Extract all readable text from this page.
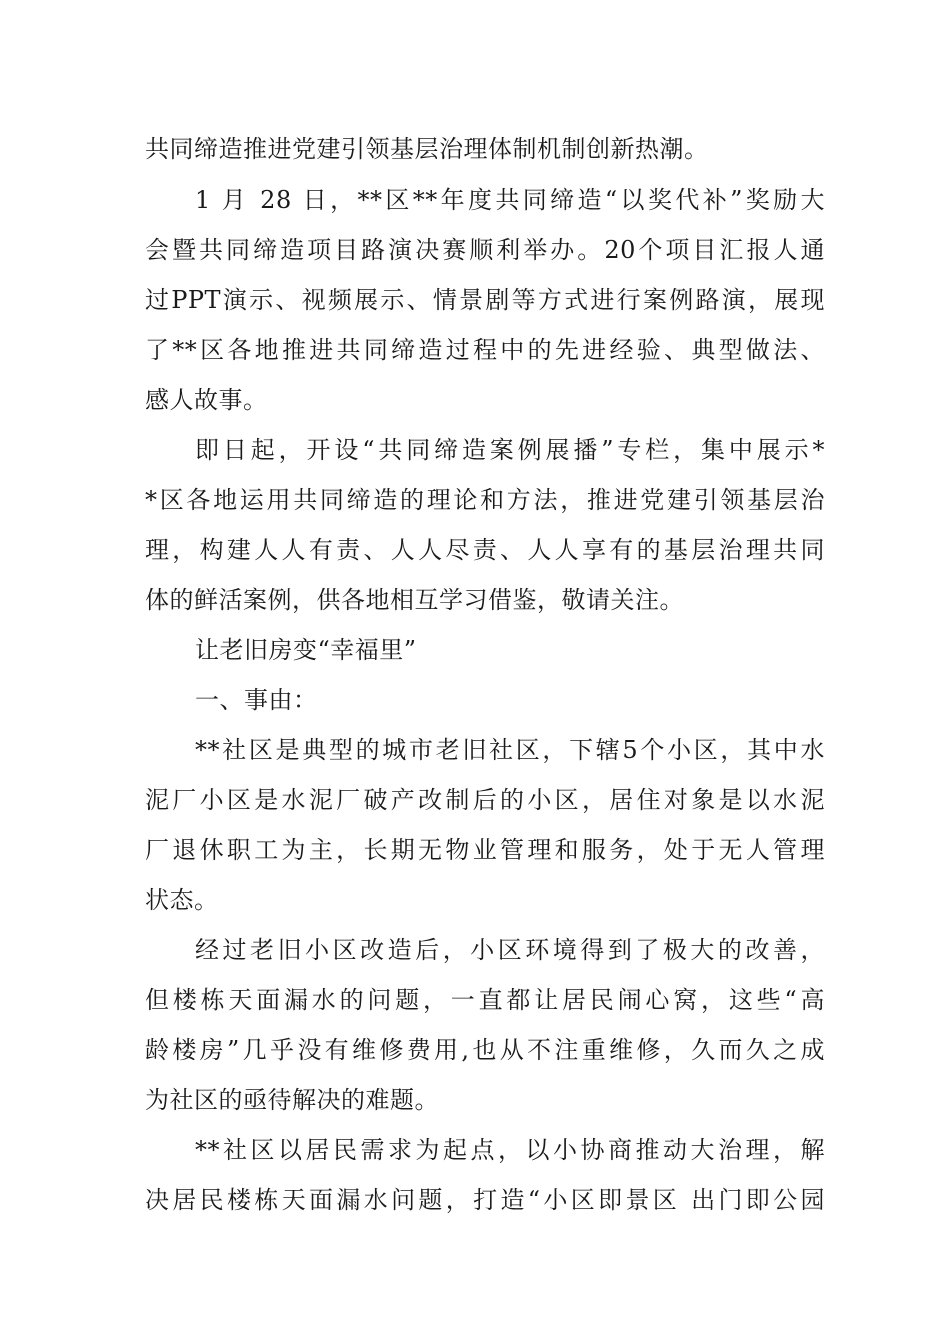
共同缔造推进党建引领基层治理体制机制创新热潮。
1 月 28 日，**区**年度共同缔造“以奖代补”奖励大
会暨共同缔造项目路演决赛顺利举办。20个项目汇报人通
过PPT演示、视频展示、情景剧等方式进行案例路演，展现
了**区各地推进共同缔造过程中的先进经验、典型做法、
感人故事。
即日起，开设“共同缔造案例展播”专栏，集中展示*
*区各地运用共同缔造的理论和方法，推进党建引领基层治
理，构建人人有责、人人尽责、人人享有的基层治理共同
体的鲜活案例，供各地相互学习借鉴，敬请关注。
让老旧房变“幸福里”
一、事由：
**社区是典型的城市老旧社区，下辖5个小区，其中水
泥厂小区是水泥厂破产改制后的小区，居住对象是以水泥
厂退休职工为主，长期无物业管理和服务，处于无人管理
状态。
经过老旧小区改造后，小区环境得到了极大的改善，
但楼栋天面漏水的问题，一直都让居民闹心窝，这些“高
龄楼房”几乎没有维修费用,也从不注重维修，久而久之成
为社区的亟待解决的难题。
**社区以居民需求为起点，以小协商推动大治理，解
决居民楼栋天面漏水问题，打造“小区即景区 出门即公园
